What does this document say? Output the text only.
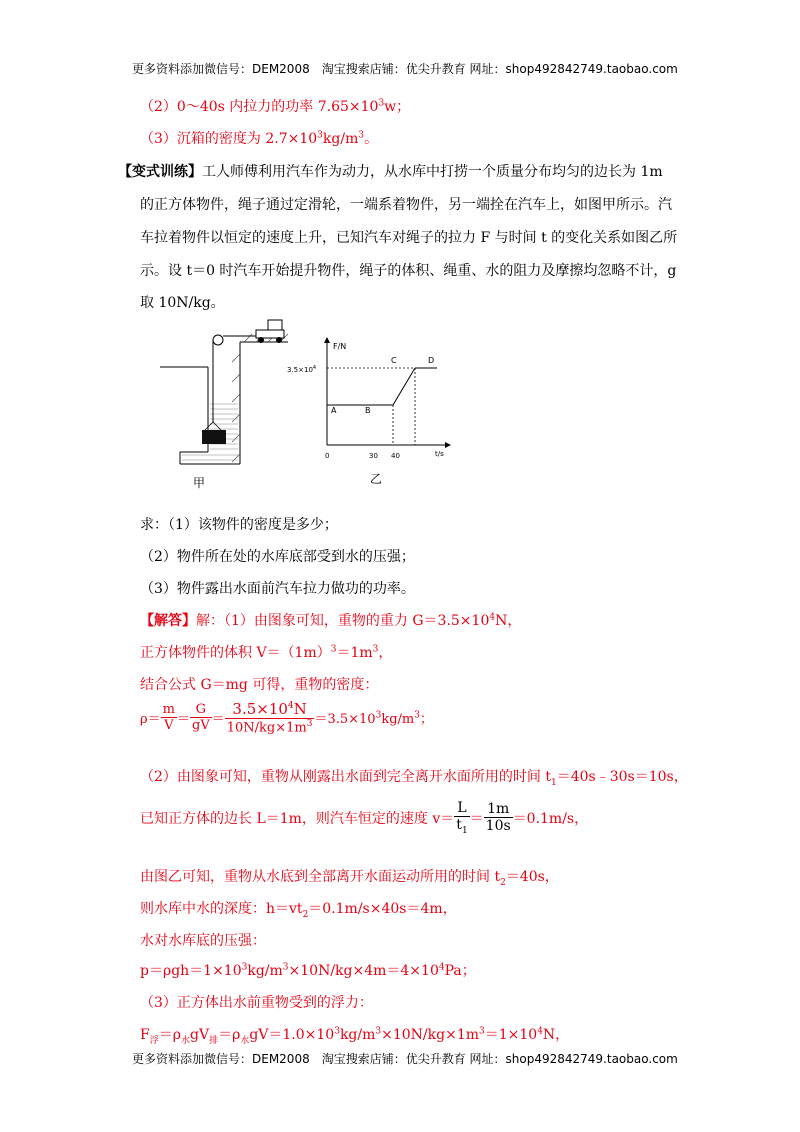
更多资料添加微信号：DEM2008　淘宝搜索店铺：优尖升教育 网址：shop492842749.taobao.com
（2）0～40s 内拉力的功率 $7.65\times 10^3w$；
（3）沉箱的密度为 $2.7\times 10^3kg/m^3$。
【变式训练】工人师傅利用汽车作为动力，从水库中打捞一个质量分布均匀的边长为 1m
的正方体物件，绳子通过定滑轮，一端系着物件，另一端拴在汽车上，如图甲所示。汽
车拉着物件以恒定的速度上升，已知汽车对绳子的拉力 F 与时间 t 的变化关系如图乙所
示。设 t＝0 时汽车开始提升物件，绳子的体积、绳重、水的阻力及摩擦均忽略不计，g
取 10N/kg。
甲
F/N
t/s
$3.5\times 10^4$
0	30 40
A	B
C	D
乙
求：（1）该物件的密度是多少；
（2）物件所在处的水库底部受到水的压强；
（3）物件露出水面前汽车拉力做功的功率。
【解答】解：（1）由图象可知，重物的重力 $G=3.5\times 10^4N$，
正方体物件的体积 $V=(1m)^3=1m^3$，
结合公式 G＝mg 可得，重物的密度：
$\rho= \frac{m}{V} = \frac{G}{gV} = \frac{3.5\times 10^4N}{10N/kg\times 1m^3} =3.5\times 10^3kg/m^3$；
（2）由图象可知，重物从刚露出水面到完全离开水面所用的时间 $t_1=40s﹣30s=10s$，
已知正方体的边长 L＝1m，则汽车恒定的速度 $v= \frac{L}{t_1} = \frac{1m}{10s} =0.1m/s$，
由图乙可知，重物从水底到全部离开水面运动所用的时间 $t_2=40s$，
则水库中水的深度：$h=vt_2=0.1m/s\times 40s=4m$，
水对水库底的压强：
$p=\rho gh=1\times 10^3kg/m^3\times 10N/kg\times 4m=4\times 10^4Pa$；
（3）正方体出水前重物受到的浮力：
$F_浮=\rho_水gV_排=\rho_水gV=1.0\times 10^3kg/m^3\times 10N/kg\times 1m^3=1\times 10^4N$，
更多资料添加微信号：DEM2008　淘宝搜索店铺：优尖升教育 网址：shop492842749.taobao.com
